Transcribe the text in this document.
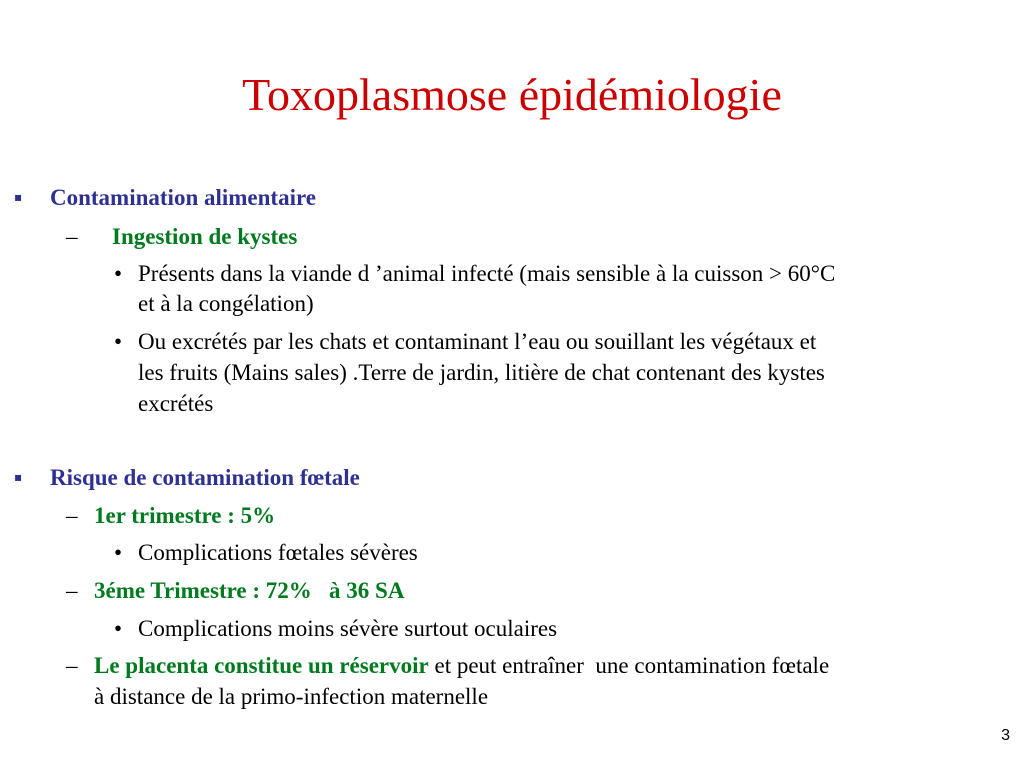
Toxoplasmose épidémiologie
▪ Contamination alimentaire
– Ingestion de kystes
• Présents dans la viande d ’animal infecté (mais sensible à la cuisson > 60°C
et à la congélation)
• Ou excrétés par les chats et contaminant l’eau ou souillant les végétaux et
les fruits (Mains sales) .Terre de jardin, litière de chat contenant des kystes
excrétés
▪ Risque de contamination fœtale
– 1er trimestre : 5%
• Complications fœtales sévères
– 3éme Trimestre : 72%   à 36 SA
• Complications moins sévère surtout oculaires
– Le placenta constitue un réservoir et peut entraîner  une contamination fœtale
à distance de la primo-infection maternelle
3
